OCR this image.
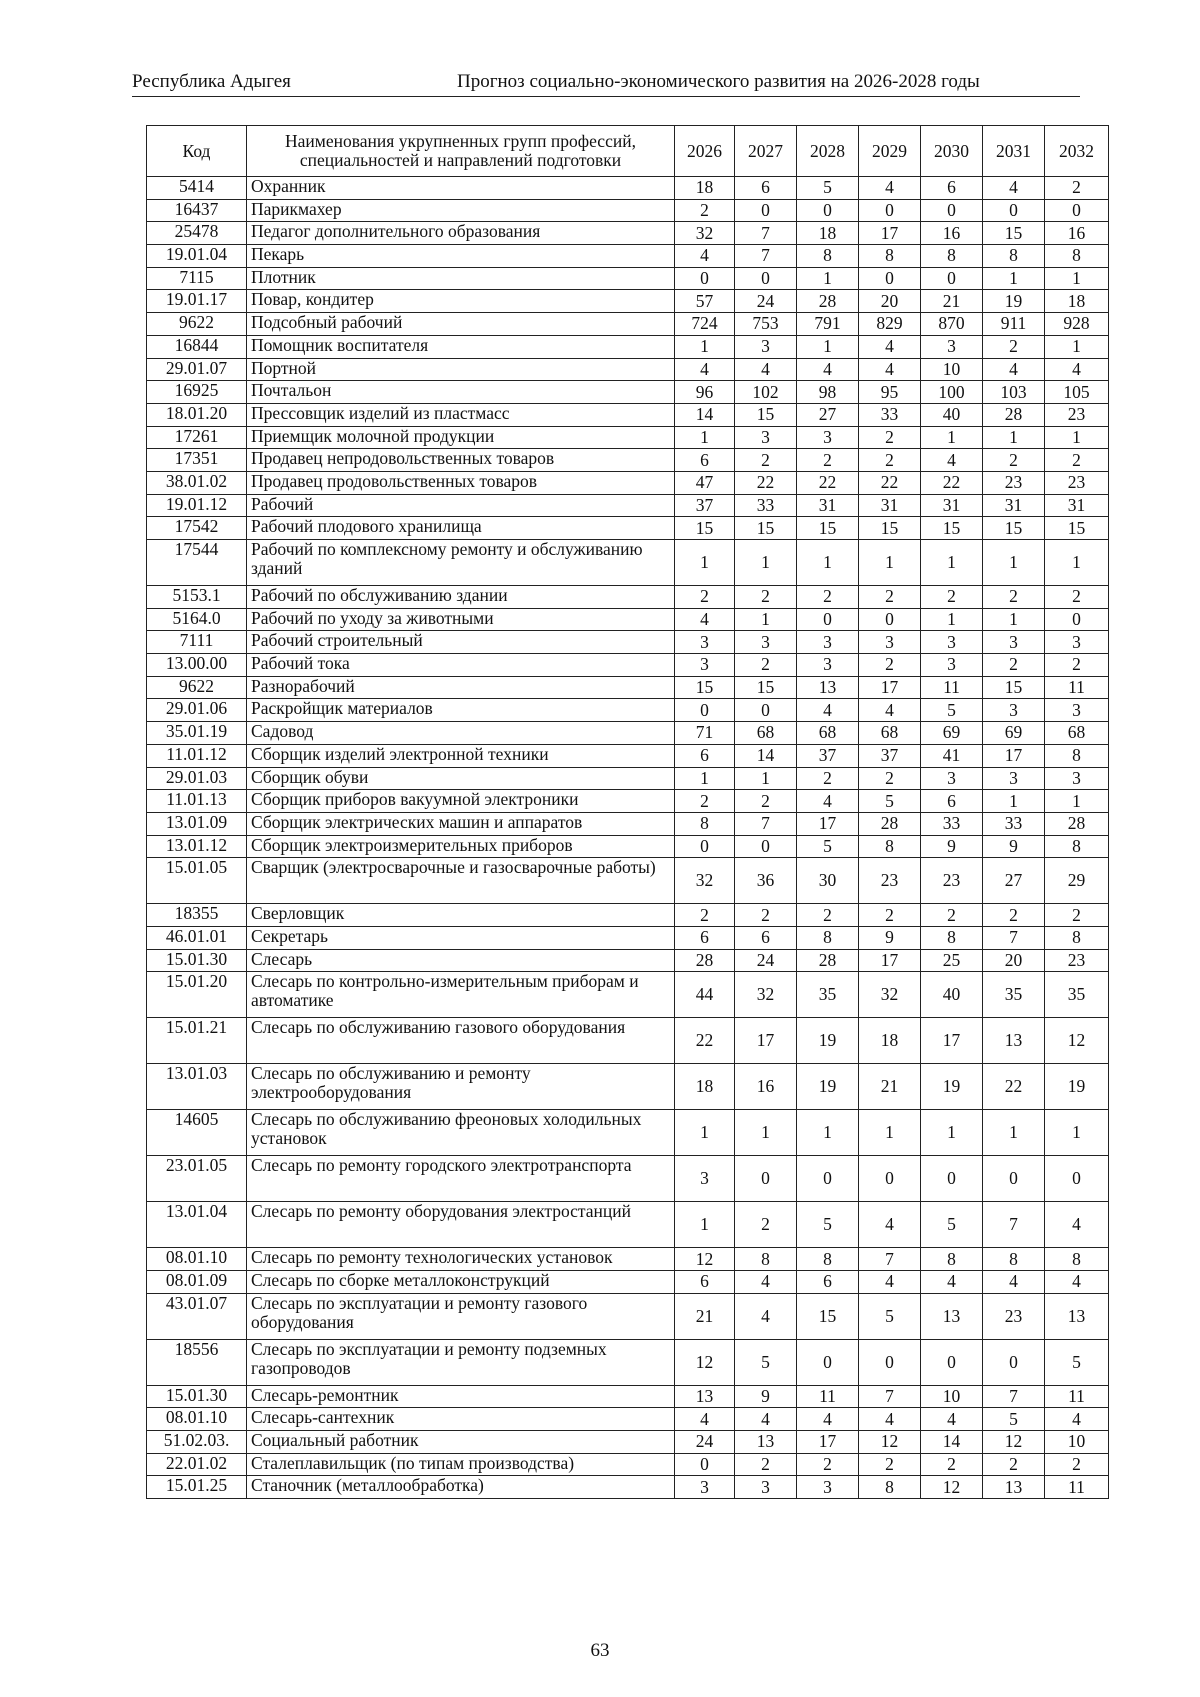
Республика Адыгея	Прогноз социально-экономического развития на 2026-2028 годы
Код	Наименования укрупненных групп профессий, специальностей и направлений подготовки	2026	2027	2028	2029	2030	2031	2032
5414	Охранник	18	6	5	4	6	4	2
16437	Парикмахер	2	0	0	0	0	0	0
25478	Педагог дополнительного образования	32	7	18	17	16	15	16
19.01.04	Пекарь	4	7	8	8	8	8	8
7115	Плотник	0	0	1	0	0	1	1
19.01.17	Повар, кондитер	57	24	28	20	21	19	18
9622	Подсобный рабочий	724	753	791	829	870	911	928
16844	Помощник воспитателя	1	3	1	4	3	2	1
29.01.07	Портной	4	4	4	4	10	4	4
16925	Почтальон	96	102	98	95	100	103	105
18.01.20	Прессовщик изделий из пластмасс	14	15	27	33	40	28	23
17261	Приемщик молочной продукции	1	3	3	2	1	1	1
17351	Продавец непродовольственных товаров	6	2	2	2	4	2	2
38.01.02	Продавец продовольственных товаров	47	22	22	22	22	23	23
19.01.12	Рабочий	37	33	31	31	31	31	31
17542	Рабочий плодового хранилища	15	15	15	15	15	15	15
17544	Рабочий по комплексному ремонту и обслуживанию зданий	1	1	1	1	1	1	1
5153.1	Рабочий по обслуживанию здании	2	2	2	2	2	2	2
5164.0	Рабочий по уходу за животными	4	1	0	0	1	1	0
7111	Рабочий строительный	3	3	3	3	3	3	3
13.00.00	Рабочий тока	3	2	3	2	3	2	2
9622	Разнорабочий	15	15	13	17	11	15	11
29.01.06	Раскройщик материалов	0	0	4	4	5	3	3
35.01.19	Садовод	71	68	68	68	69	69	68
11.01.12	Сборщик изделий электронной техники	6	14	37	37	41	17	8
29.01.03	Сборщик обуви	1	1	2	2	3	3	3
11.01.13	Сборщик приборов вакуумной электроники	2	2	4	5	6	1	1
13.01.09	Сборщик электрических машин и аппаратов	8	7	17	28	33	33	28
13.01.12	Сборщик электроизмерительных приборов	0	0	5	8	9	9	8
15.01.05	Сварщик (электросварочные и газосварочные работы)	32	36	30	23	23	27	29
18355	Сверловщик	2	2	2	2	2	2	2
46.01.01	Секретарь	6	6	8	9	8	7	8
15.01.30	Слесарь	28	24	28	17	25	20	23
15.01.20	Слесарь по контрольно-измерительным приборам и автоматике	44	32	35	32	40	35	35
15.01.21	Слесарь по обслуживанию газового оборудования	22	17	19	18	17	13	12
13.01.03	Слесарь по обслуживанию и ремонту электрооборудования	18	16	19	21	19	22	19
14605	Слесарь по обслуживанию фреоновых холодильных установок	1	1	1	1	1	1	1
23.01.05	Слесарь по ремонту городского электротранспорта	3	0	0	0	0	0	0
13.01.04	Слесарь по ремонту оборудования электростанций	1	2	5	4	5	7	4
08.01.10	Слесарь по ремонту технологических установок	12	8	8	7	8	8	8
08.01.09	Слесарь по сборке металлоконструкций	6	4	6	4	4	4	4
43.01.07	Слесарь по эксплуатации и ремонту газового оборудования	21	4	15	5	13	23	13
18556	Слесарь по эксплуатации и ремонту подземных газопроводов	12	5	0	0	0	0	5
15.01.30	Слесарь-ремонтник	13	9	11	7	10	7	11
08.01.10	Слесарь-сантехник	4	4	4	4	4	5	4
51.02.03.	Социальный работник	24	13	17	12	14	12	10
22.01.02	Сталеплавильщик (по типам производства)	0	2	2	2	2	2	2
15.01.25	Станочник (металлообработка)	3	3	3	8	12	13	11
63
